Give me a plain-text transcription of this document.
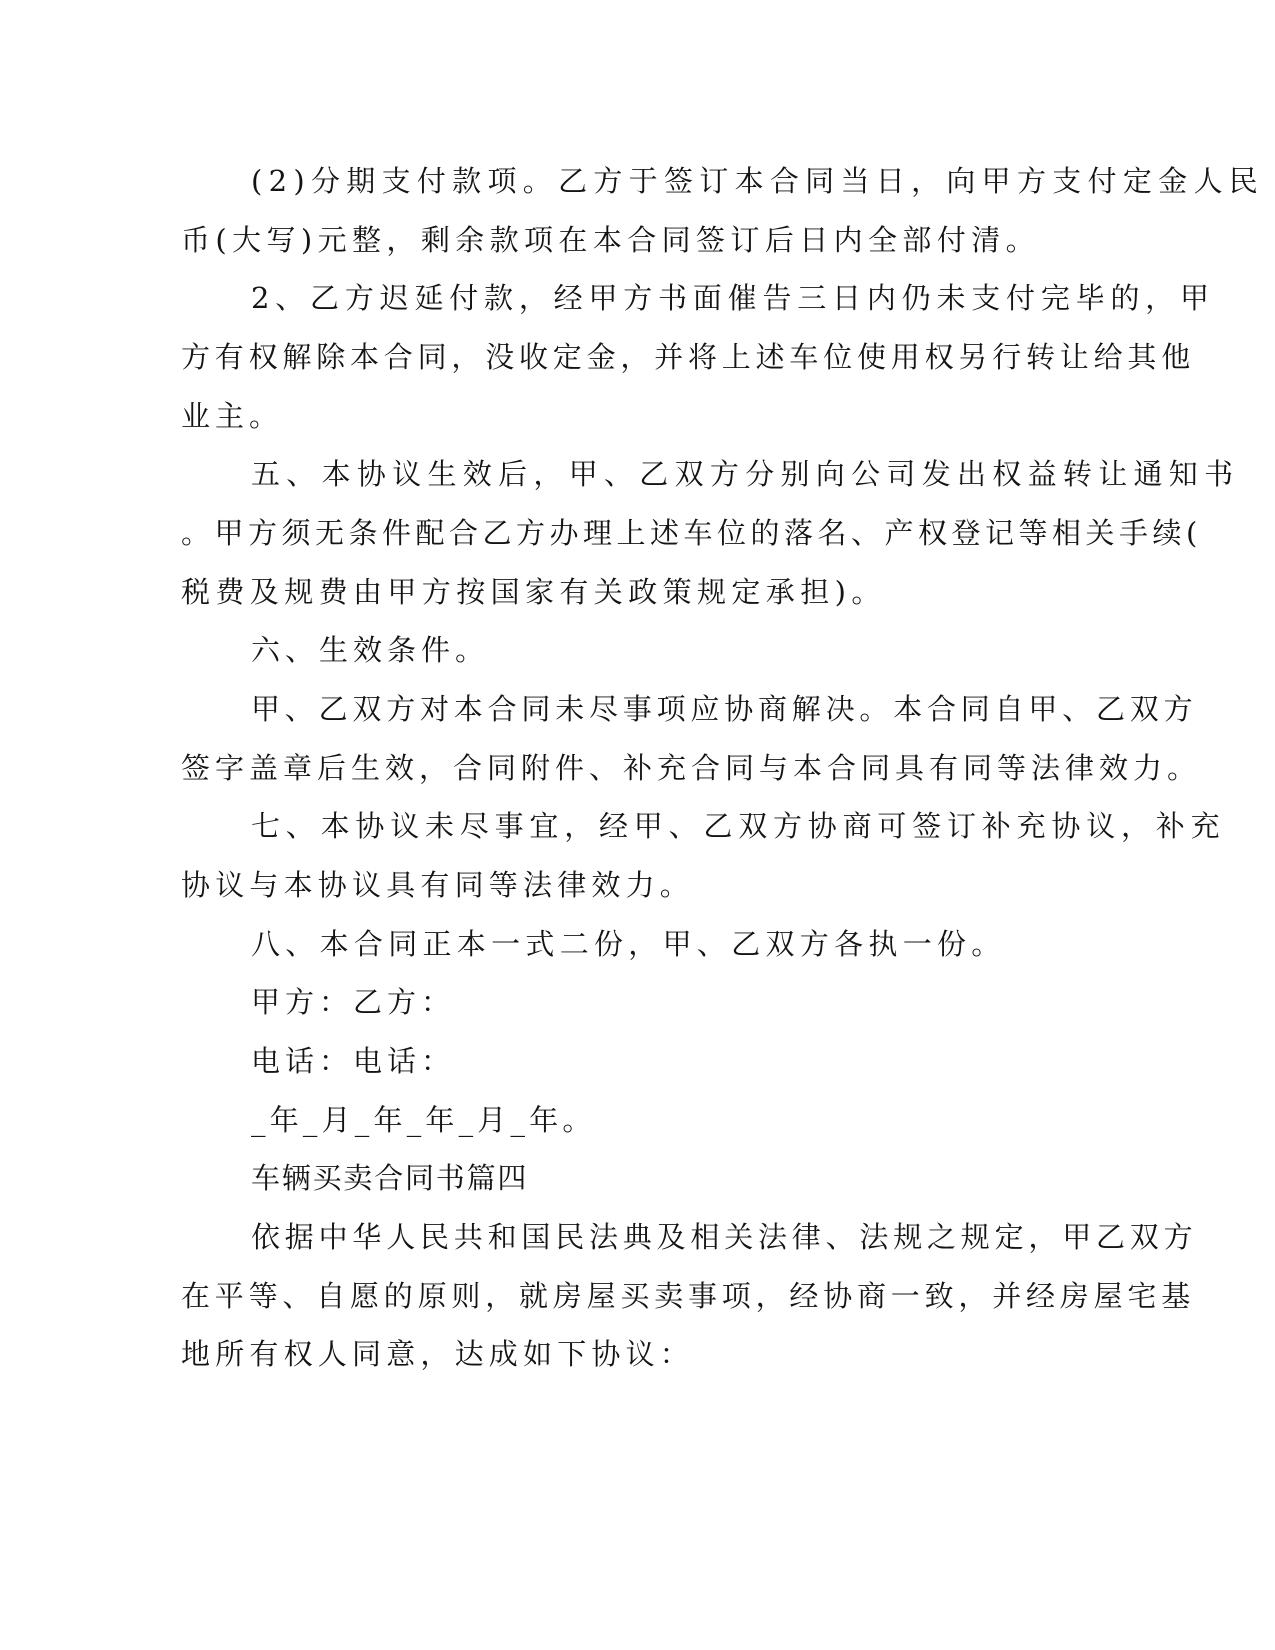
(2)分期支付款项。乙方于签订本合同当日，向甲方支付定金人民
币(大写)元整，剩余款项在本合同签订后日内全部付清。
2、乙方迟延付款，经甲方书面催告三日内仍未支付完毕的，甲
方有权解除本合同，没收定金，并将上述车位使用权另行转让给其他
业主。
五、本协议生效后，甲、乙双方分别向公司发出权益转让通知书
。甲方须无条件配合乙方办理上述车位的落名、产权登记等相关手续(
税费及规费由甲方按国家有关政策规定承担)。
六、生效条件。
甲、乙双方对本合同未尽事项应协商解决。本合同自甲、乙双方
签字盖章后生效，合同附件、补充合同与本合同具有同等法律效力。
七、本协议未尽事宜，经甲、乙双方协商可签订补充协议，补充
协议与本协议具有同等法律效力。
八、本合同正本一式二份，甲、乙双方各执一份。
甲方：乙方：
电话：电话：
_年_月_年_年_月_年。
车辆买卖合同书篇四
依据中华人民共和国民法典及相关法律、法规之规定，甲乙双方
在平等、自愿的原则，就房屋买卖事项，经协商一致，并经房屋宅基
地所有权人同意，达成如下协议：
